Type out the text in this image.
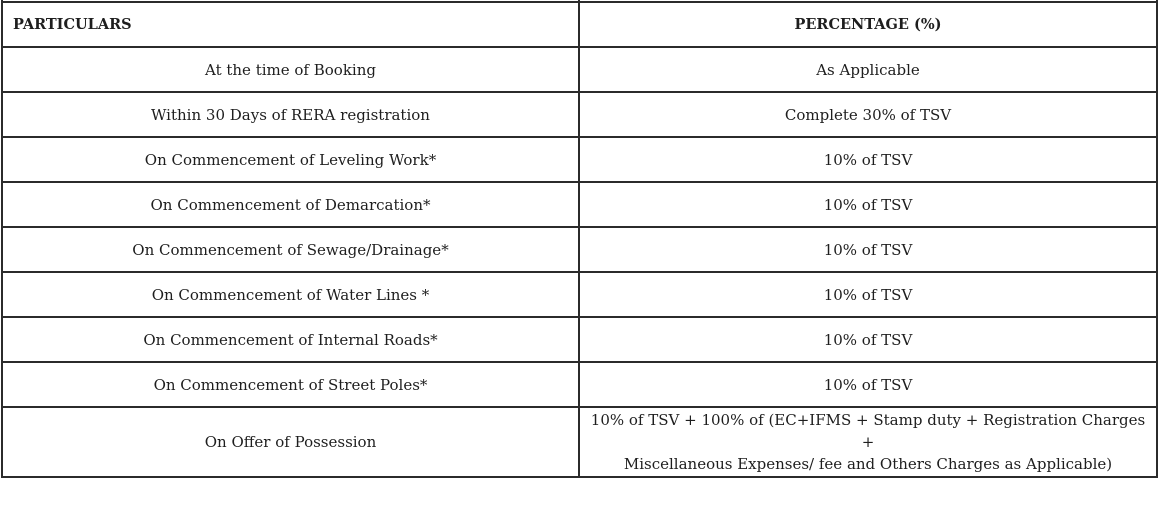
PARTICULARS	PERCENTAGE (%)
At the time of Booking	As Applicable
Within 30 Days of RERA registration	Complete 30% of TSV
On Commencement of Leveling Work*	10% of TSV
On Commencement of Demarcation*	10% of TSV
On Commencement of Sewage/Drainage*	10% of TSV
On Commencement of Water Lines *	10% of TSV
On Commencement of Internal Roads*	10% of TSV
On Commencement of Street Poles*	10% of TSV
On Offer of Possession	10% of TSV + 100% of (EC+IFMS + Stamp duty + Registration Charges +
Miscellaneous Expenses/ fee and Others Charges as Applicable)
